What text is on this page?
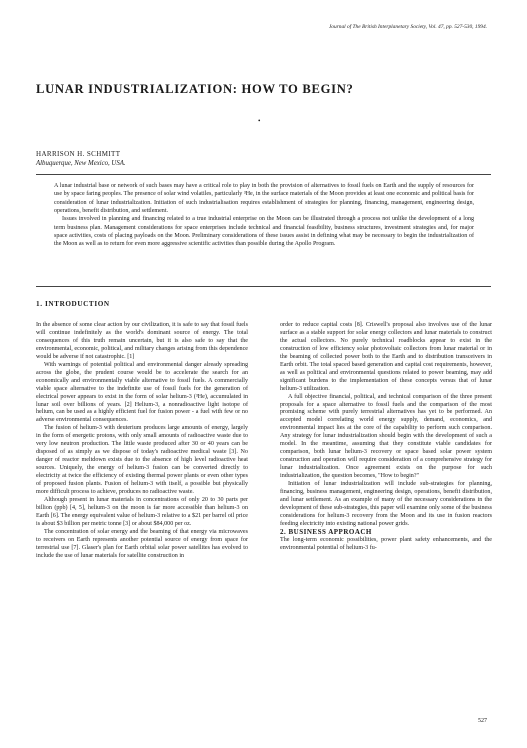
Journal of The British Interplanetary Society, Vol. 47, pp. 527-530, 1994.
LUNAR INDUSTRIALIZATION: HOW TO BEGIN?
•
HARRISON H. SCHMITT
Albuquerque, New Mexico, USA.

A lunar industrial base or network of such bases may have a critical role to play in both the provision of alternatives to fossil fuels on Earth and the supply of resources for use by space faring peoples. The presence of solar wind volatiles, particularly ³He, in the surface materials of the Moon provides at least one economic and political basis for consideration of lunar industrialization. Initiation of such industrialisation requires establishment of strategies for planning, financing, management, engineering design, operations, benefit distribution, and settlement.

Issues involved in planning and financing related to a true industrial enterprise on the Moon can be illustrated through a process not unlike the development of a long term business plan. Management considerations for space enterprises include technical and financial feasibility, business structures, investment strategies and, for major space activities, costs of placing payloads on the Moon. Preliminary considerations of these issues assist in defining what may be necessary to begin the industrialization of the Moon as well as to return for even more aggressive scientific activities than possible during the Apollo Program.

1. INTRODUCTION

In the absence of some clear action by our civilization, it is safe to say that fossil fuels will continue indefinitely as the world's dominant source of energy. The total consequences of this truth remain uncertain, but it is also safe to say that the environmental, economic, political, and military changes arising from this dependence would be adverse if not catastrophic. [1]

With warnings of potential political and environmental danger already spreading across the globe, the prudent course would be to accelerate the search for an economically and environmentally viable alternative to fossil fuels. A commercially viable space alternative to the indefinite use of fossil fuels for the generation of electrical power appears to exist in the form of solar helium-3 (³He), accumulated in lunar soil over billions of years. [2] Helium-3, a nonradioactive light isotope of helium, can be used as a highly efficient fuel for fusion power - a fuel with few or no adverse environmental consequences.

The fusion of helium-3 with deuterium produces large amounts of energy, largely in the form of energetic protons, with only small amounts of radioactive waste due to very low neutron production. The little waste produced after 30 or 40 years can be disposed of as simply as we dispose of today's radioactive medical waste [3]. No danger of reactor meltdown exists due to the absence of high level radioactive heat sources. Uniquely, the energy of helium-3 fusion can be converted directly to electricity at twice the efficiency of existing thermal power plants or even other types of proposed fusion plants. Fusion of helium-3 with itself, a possible but physically more difficult process to achieve, produces no radioactive waste.

Although present in lunar materials in concentrations of only 20 to 30 parts per billion (ppb) [4, 5], helium-3 on the moon is far more accessible than helium-3 on Earth [6]. The energy equivalent value of helium-3 relative to a $21 per barrel oil price is about $3 billion per metric tonne [3] or about $84,000 per oz.

The concentration of solar energy and the beaming of that energy via microwaves to receivers on Earth represents another potential source of energy from space for terrestrial use [7]. Glaser's plan for Earth orbital solar power satellites has evolved to include the use of lunar materials for satellite construction in

order to reduce capital costs [8]. Criswell's proposal also involves use of the lunar surface as a stable support for solar energy collectors and lunar materials to construct the actual collectors. No purely technical roadblocks appear to exist in the construction of low efficiency solar photovoltaic collectors from lunar material or in the beaming of collected power both to the Earth and to distribution transceivers in Earth orbit. The total spaced based generation and capital cost requirements, however, as well as political and environmental questions related to power beaming, may add significant burdens to the implementation of these concepts versus that of lunar helium-3 utilization.

A full objective financial, political, and technical comparison of the three present proposals for a space alternative to fossil fuels and the comparison of the most promising scheme with purely terrestrial alternatives has yet to be performed. An accepted model correlating world energy supply, demand, economics, and environmental impact lies at the core of the capability to perform such comparison. Any strategy for lunar industrialization should begin with the development of such a model. In the meantime, assuming that they constitute viable candidates for comparison, both lunar helium-3 recovery or space based solar power system construction and operation will require consideration of a comprehensive strategy for lunar industrialization. Once agreement exists on the purpose for such industrialization, the question becomes, "How to begin?"

Initiation of lunar industrialization will include sub-strategies for planning, financing, business management, engineering design, operations, benefit distribution, and lunar settlement. As an example of many of the necessary considerations in the development of these sub-strategies, this paper will examine only some of the business considerations for helium-3 recovery from the Moon and its use in fusion reactors feeding electricity into existing national power grids.

2. BUSINESS APPROACH

The long-term economic possibilities, power plant safety enhancements, and the environmental potential of helium-3 fu-

527
